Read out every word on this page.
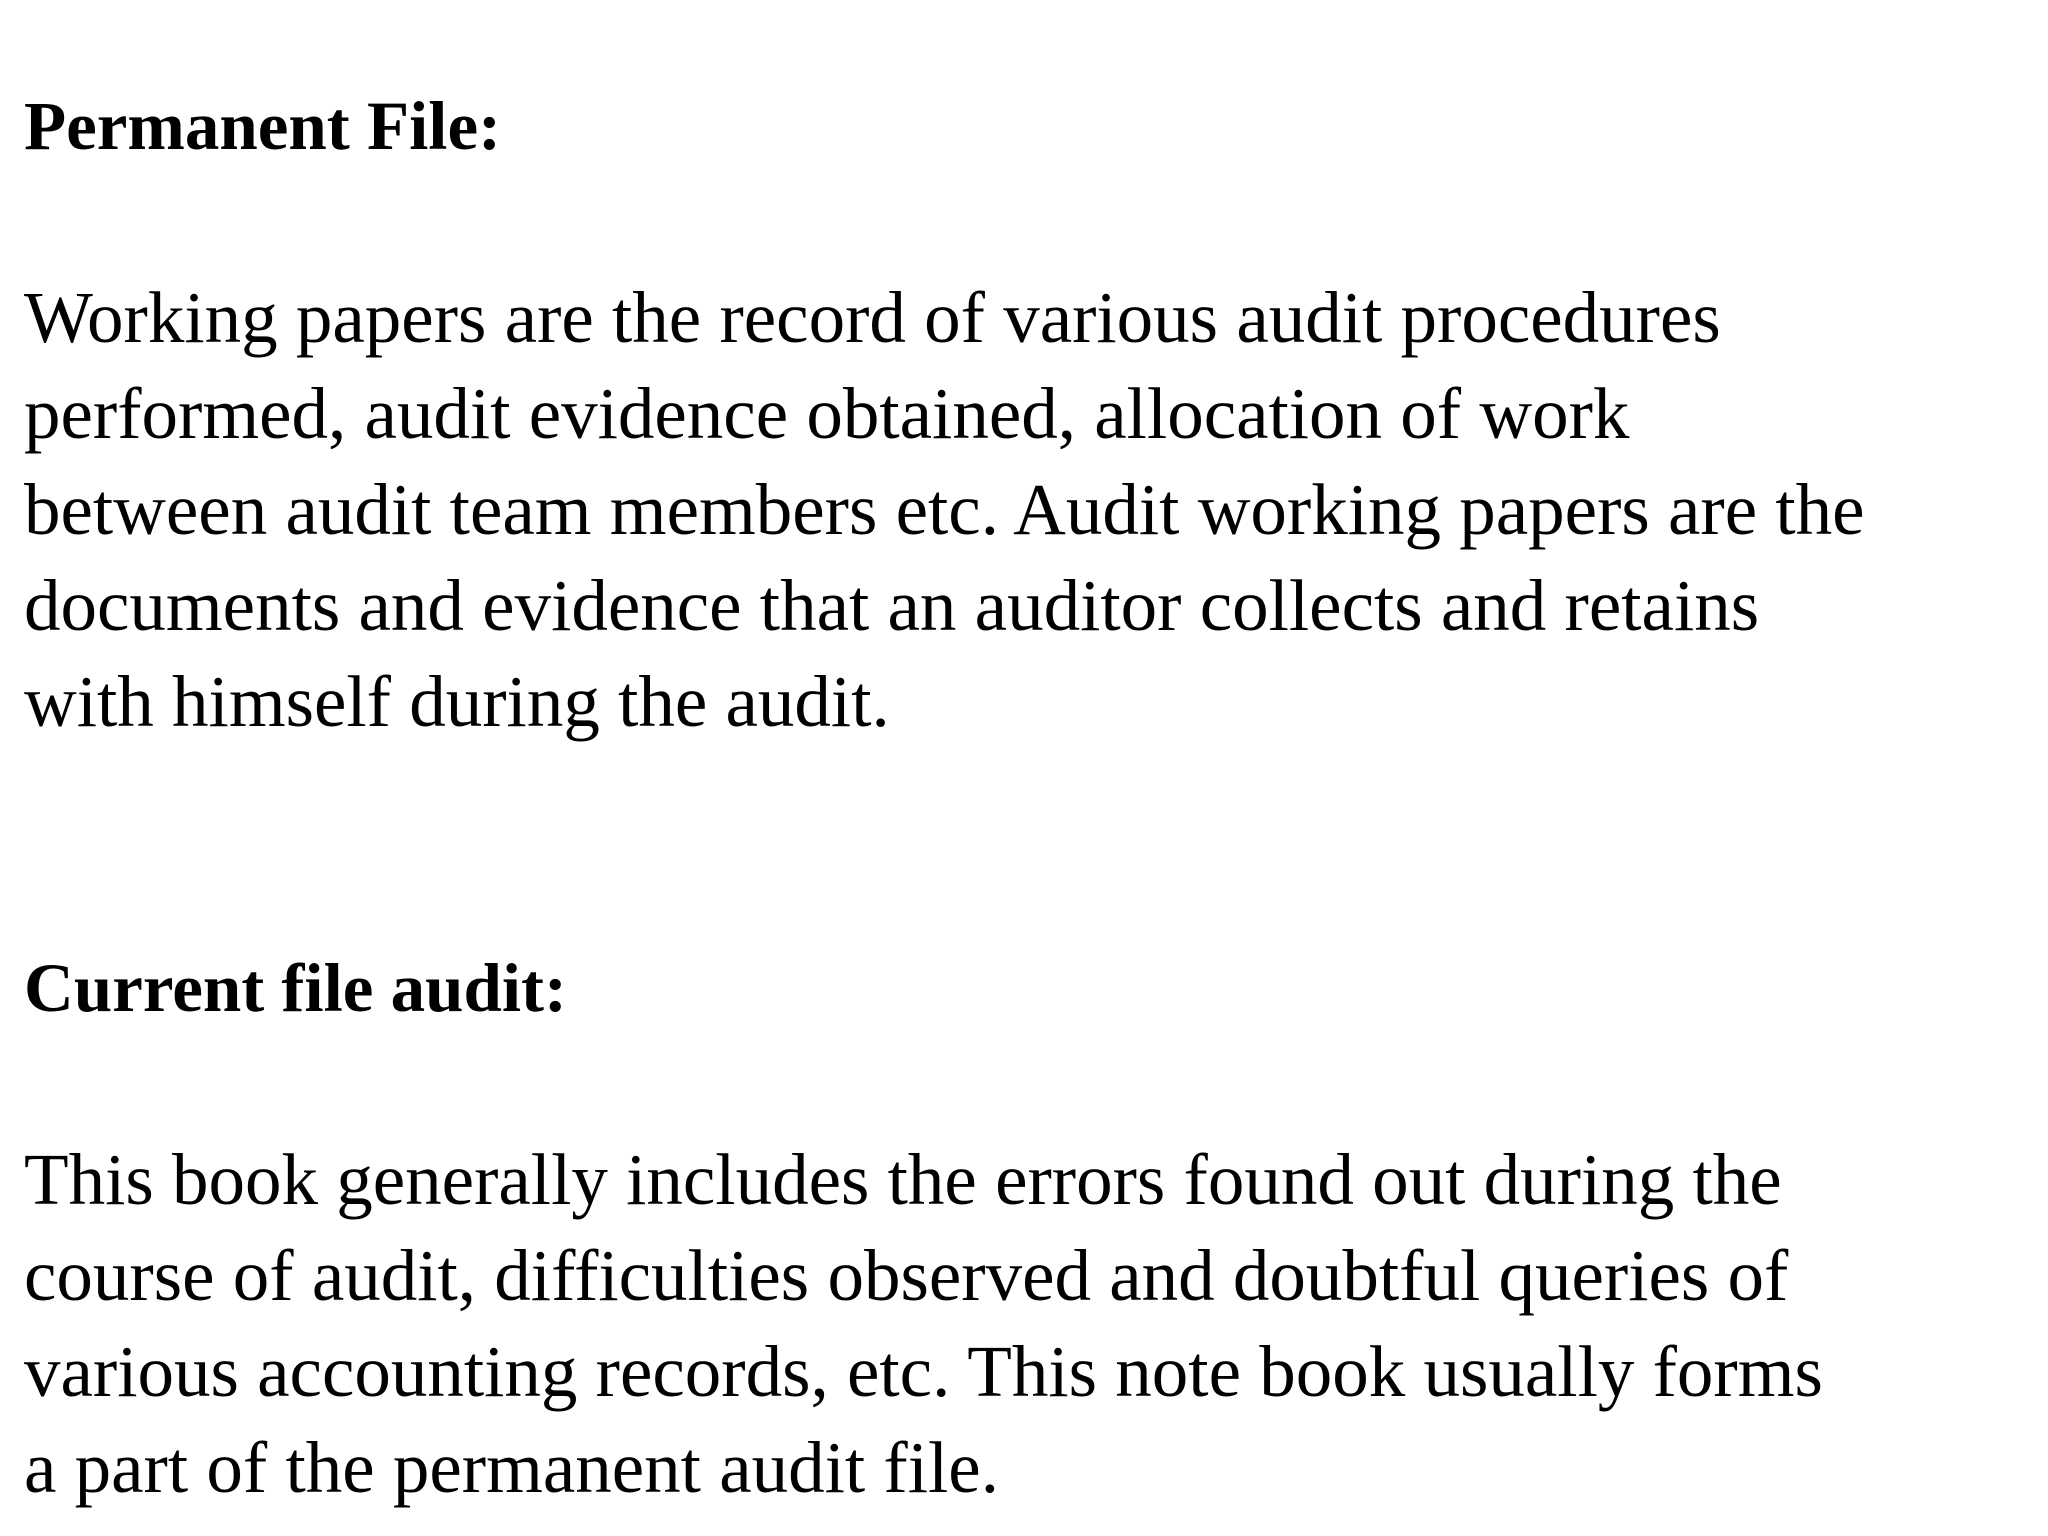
Permanent File:

Working papers are the record of various audit procedures
performed, audit evidence obtained, allocation of work
between audit team members etc. Audit working papers are the
documents and evidence that an auditor collects and retains
with himself during the audit.

Current file audit:

This book generally includes the errors found out during the
course of audit, difficulties observed and doubtful queries of
various accounting records, etc. This note book usually forms
a part of the permanent audit file.
